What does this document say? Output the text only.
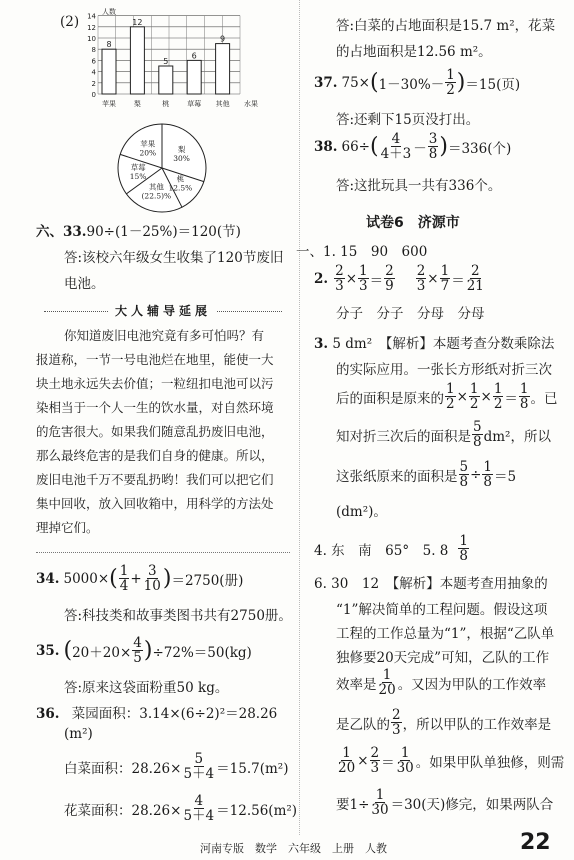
(2) 14
12
10
8
6
4
2
0
人数
8
12
5
6
9
苹果	梨	桃	草莓 其他 水果
苹果
20%	梨
30%
桃
12.5%
其他
(22.5)%
草莓
15%
六、33.90÷(1－25%)＝120(节)
答:该校六年级女生收集了120节废旧
电池。
大人辅导延展
你知道废旧电池究竟有多可怕吗？有
报道称，一节一号电池烂在地里，能使一大
块土地永远失去价值；一粒纽扣电池可以污
染相当于一个人一生的饮水量，对自然环境
的危害很大。如果我们随意乱扔废旧电池，
那么最终危害的是我们自身的健康。所以，
废旧电池千万不要乱扔哟！我们可以把它们
集中回收，放入回收箱中，用科学的方法处
理掉它们。
34. 5000× ( $\frac{1}{4} + \frac{3}{10}$ ) ＝2750(册)
答:科技类和故事类图书共有2750册。
35. ( $20+20\times \frac{4}{5}$ ) ÷72%＝50(kg)
答:原来这袋面粉重50 kg。
36. 菜园面积：3.14×(6÷2)²＝28.26
(m²)
白菜面积：$28.26\times \frac{5}{5+4} =15.7(m^2)$
花菜面积：$28.26\times \frac{4}{5+4} =12.56(m^2)$
答:白菜的占地面积是15.7 m²，花菜
的占地面积是12.56 m²。
37. 75× ( $1-30\%- \frac{1}{2}$ ) ＝15(页)
答:还剩下15页没打出。
38. 66÷ ( $\frac{4}{4+3} - \frac{3}{8}$ ) ＝336(个)
答:这批玩具一共有336个。
试卷6　济源市
一、1. 15　90　600
2. $\frac{2}{3} \times \frac{1}{3} = \frac{2}{9} \frac{2}{3} \times \frac{1}{7} = \frac{2}{21}$
分子　分子　分母　分母
3. 5 dm²　【解析】本题考查分数乘除法
的实际应用。一张长方形纸对折三次
后的面积是原来的 $\frac{1}{2} \times \frac{1}{2} \times \frac{1}{2} = \frac{1}{8}$ 。已
知对折三次后的面积是 $\frac{5}{8} dm^2$，所以
这张纸原来的面积是 $\frac{5}{8} \div \frac{1}{8} =5$
(dm²)。
4. 东　南　65°　5. $8 \frac{1}{8}$
6. 30　12　【解析】本题考查用抽象的
“1”解决简单的工程问题。假设这项
工程的工作总量为“1”，根据“乙队单
独修要20天完成”可知，乙队的工作
效率是 $\frac{1}{20}$ 。又因为甲队的工作效率
是乙队的 $\frac{2}{3}$ ，所以甲队的工作效率是
$\frac{1}{20} \times \frac{2}{3} = \frac{1}{30}$ 。如果甲队单独修，则需
要$1\div \frac{1}{30} =30$(天)修完，如果两队合
河南专版　数学　六年级　上册　人教	22
